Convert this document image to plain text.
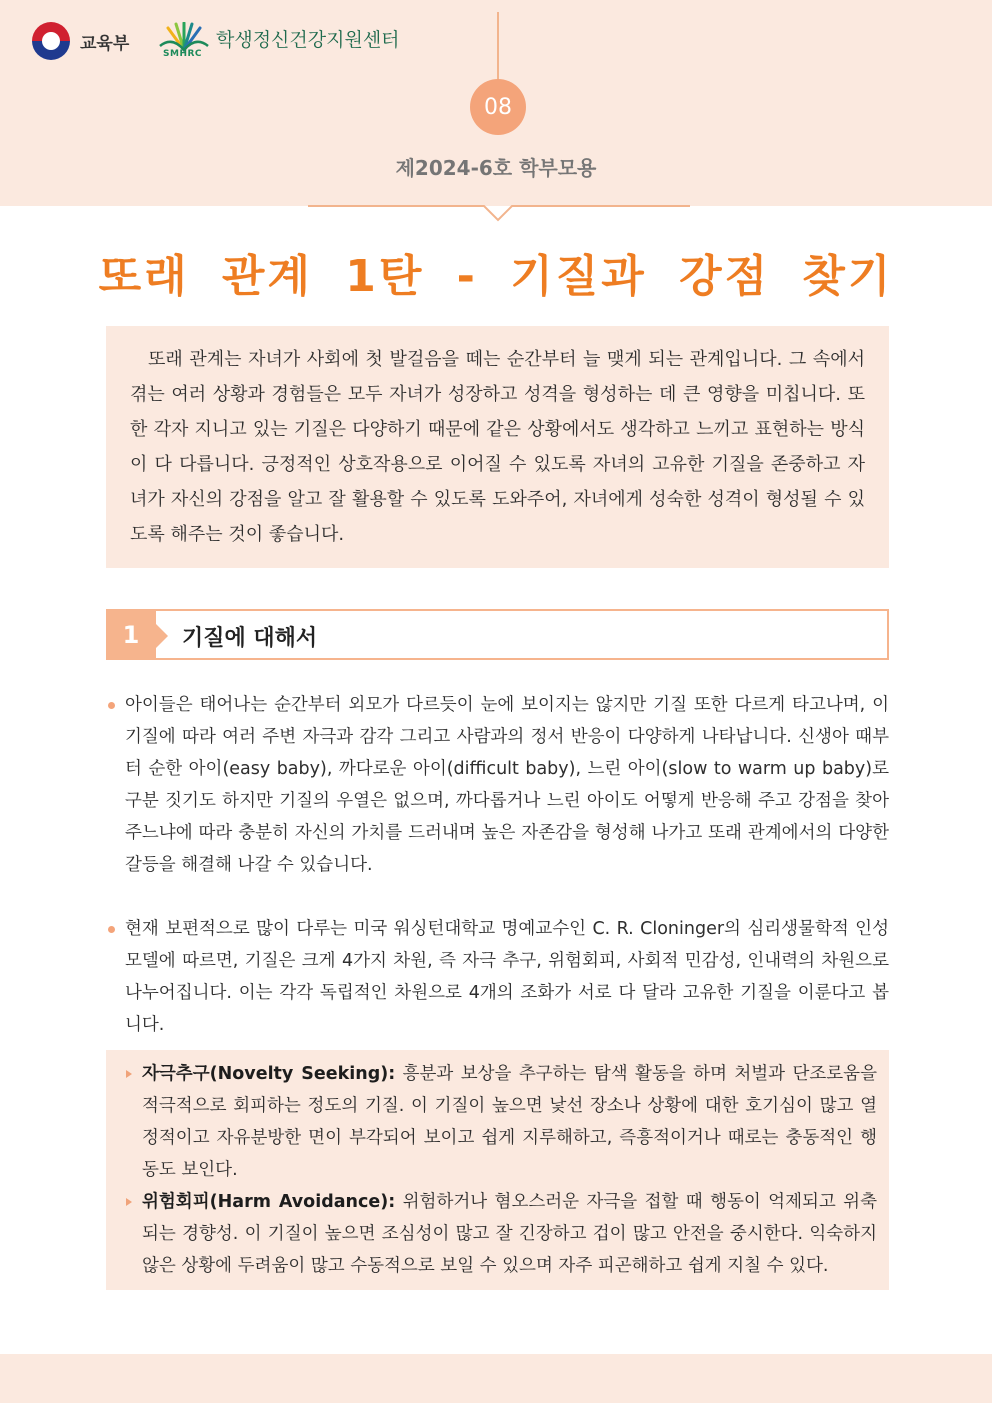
교육부
SMHRC
학생정신건강지원센터
08
제2024-6호 학부모용
또래 관계 1탄 - 기질과 강점 찾기

또래 관계는 자녀가 사회에 첫 발걸음을 떼는 순간부터 늘 맺게 되는 관계입니다. 그 속에서 겪는 여러 상황과 경험들은 모두 자녀가 성장하고 성격을 형성하는 데 큰 영향을 미칩니다. 또한 각자 지니고 있는 기질은 다양하기 때문에 같은 상황에서도 생각하고 느끼고 표현하는 방식이 다 다릅니다. 긍정적인 상호작용으로 이어질 수 있도록 자녀의 고유한 기질을 존중하고 자녀가 자신의 강점을 알고 잘 활용할 수 있도록 도와주어, 자녀에게 성숙한 성격이 형성될 수 있도록 해주는 것이 좋습니다.

1	기질에 대해서

아이들은 태어나는 순간부터 외모가 다르듯이 눈에 보이지는 않지만 기질 또한 다르게 타고나며, 이 기질에 따라 여러 주변 자극과 감각 그리고 사람과의 정서 반응이 다양하게 나타납니다. 신생아 때부터 순한 아이(easy baby), 까다로운 아이(difficult baby), 느린 아이(slow to warm up baby)로 구분 짓기도 하지만 기질의 우열은 없으며, 까다롭거나 느린 아이도 어떻게 반응해 주고 강점을 찾아주느냐에 따라 충분히 자신의 가치를 드러내며 높은 자존감을 형성해 나가고 또래 관계에서의 다양한 갈등을 해결해 나갈 수 있습니다.

현재 보편적으로 많이 다루는 미국 워싱턴대학교 명예교수인 C. R. Cloninger의 심리생물학적 인성 모델에 따르면, 기질은 크게 4가지 차원, 즉 자극 추구, 위험회피, 사회적 민감성, 인내력의 차원으로 나누어집니다. 이는 각각 독립적인 차원으로 4개의 조화가 서로 다 달라 고유한 기질을 이룬다고 봅니다.

자극추구(Novelty Seeking): 흥분과 보상을 추구하는 탐색 활동을 하며 처벌과 단조로움을 적극적으로 회피하는 정도의 기질. 이 기질이 높으면 낯선 장소나 상황에 대한 호기심이 많고 열정적이고 자유분방한 면이 부각되어 보이고 쉽게 지루해하고, 즉흥적이거나 때로는 충동적인 행동도 보인다.

위험회피(Harm Avoidance): 위험하거나 혐오스러운 자극을 접할 때 행동이 억제되고 위축되는 경향성. 이 기질이 높으면 조심성이 많고 잘 긴장하고 겁이 많고 안전을 중시한다. 익숙하지 않은 상황에 두려움이 많고 수동적으로 보일 수 있으며 자주 피곤해하고 쉽게 지칠 수 있다.
